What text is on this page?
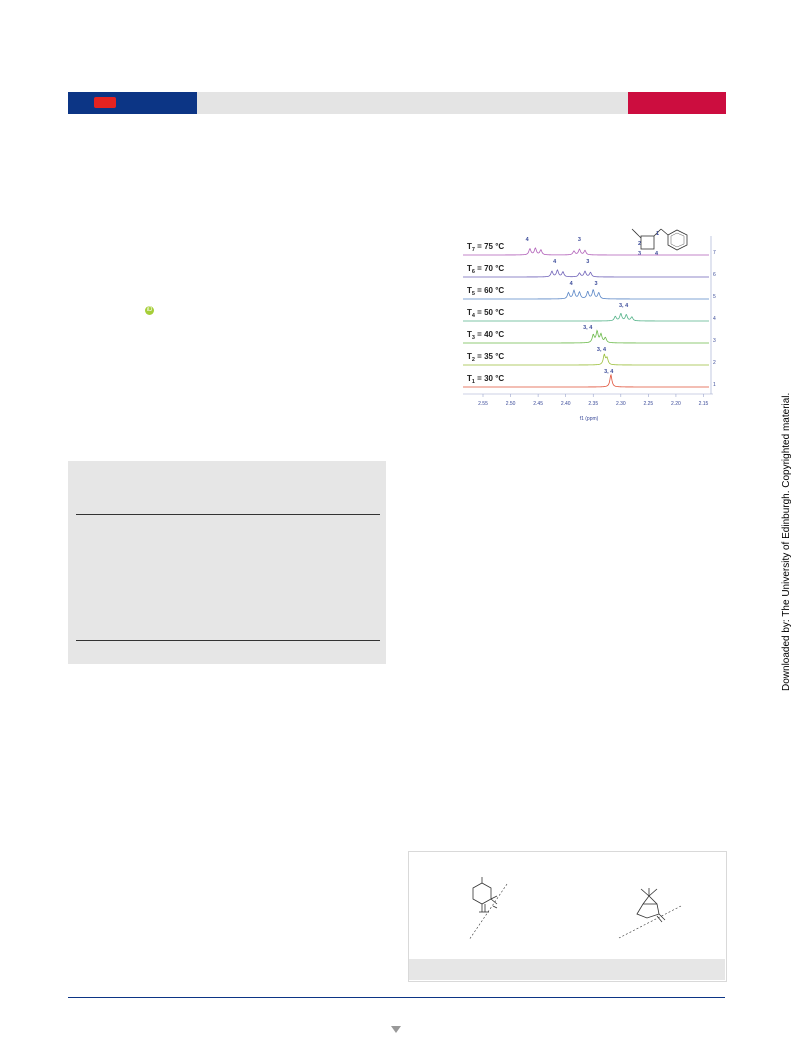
iD
2
1
3	4
$T_7 = 75$ °C
4	3
7
$T_6 = 70$ °C
4	3
6
$T_5 = 60$ °C
4	3
5
$T_4 = 50$ °C
3, 4
4
$T_3 = 40$ °C
3, 4
3
$T_2 = 35$ °C
3, 4
2
$T_1 = 30$ °C
3, 4
1
2.55	2.50	2.45	2.40	2.35	2.30	2.25	2.20	2.15
f1 (ppm)	Downloaded by: The University of Edinburgh. Copyrighted material.
